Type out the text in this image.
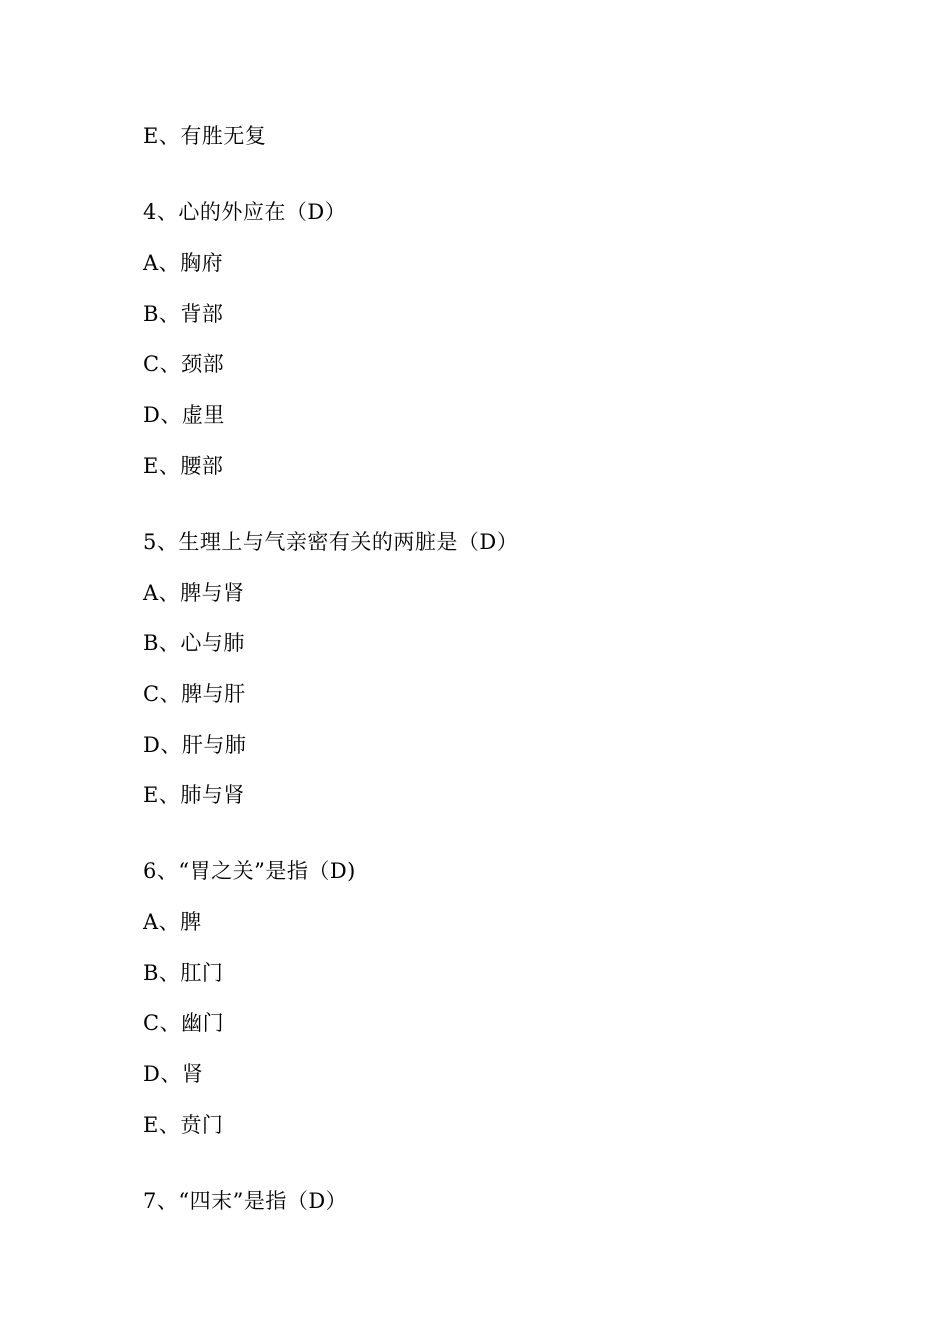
E、有胜无复
4、心的外应在（D）
A、胸府
B、背部
C、颈部
D、虚里
E、腰部
5、生理上与气亲密有关的两脏是（D）
A、脾与肾
B、心与肺
C、脾与肝
D、肝与肺
E、肺与肾
6、“胃之关”是指（D)
A、脾
B、肛门
C、幽门
D、肾
E、贲门
7、“四末”是指（D）
